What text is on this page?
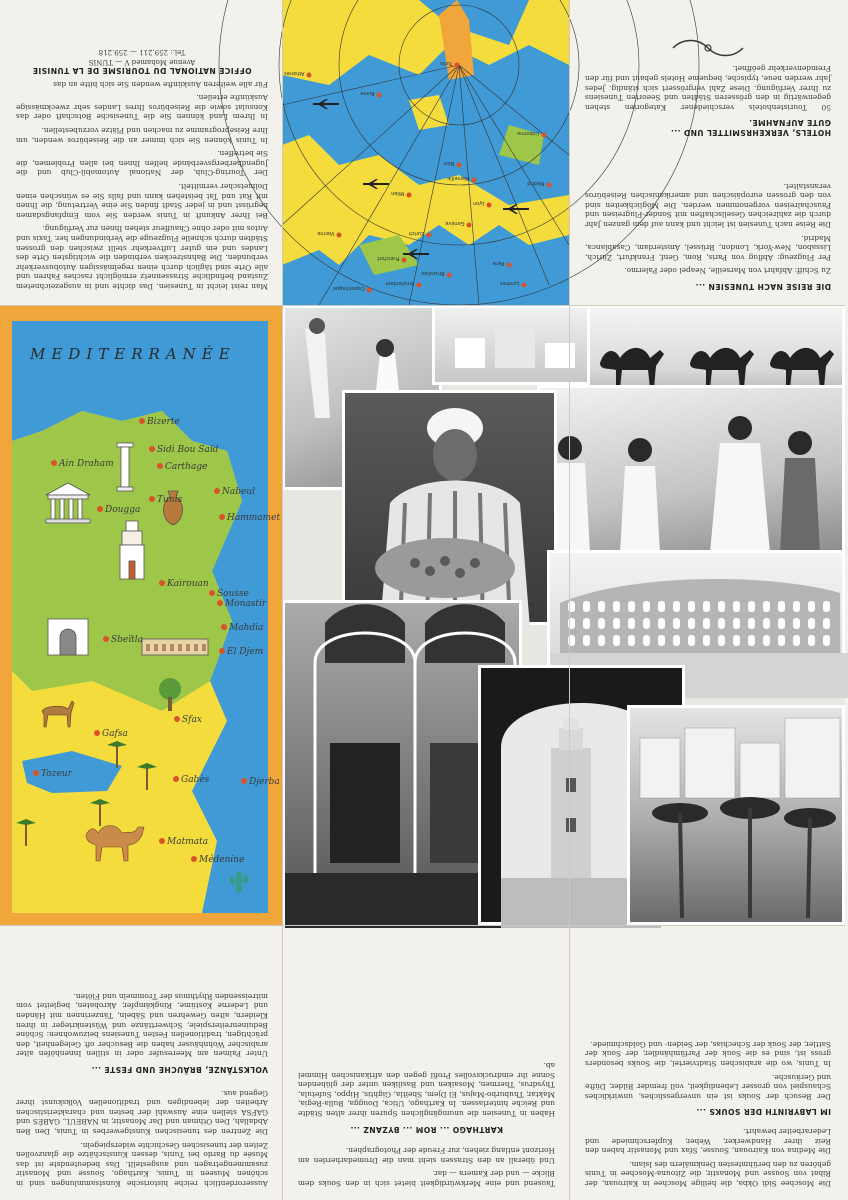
Man reist leicht in Tunesien. Das dichte und in ausgezeichnetem Zustand befindliche Strassennetz ermöglicht rasches Fahren und alle Orte sind täglich durch einen regelmässigen Autobusverkehr verbunden. Die Bahnstrecken verbinden die wichtigsten Orte des Landes und ein guter Luftverkehr stellt zwischen den grossen Städten durch schnelle Flugzeuge die Verbindungen her. Taxis und Autos mit oder ohne Chauffeur stehen Ihnen zur Verfügung.

Bei Ihrer Ankunft in Tunis werden Sie vom Empfangsdamen begrüsst und in jeder Stadt finden Sie eine Vertretung, die Ihnen mit Rat und Tat beistehen kann und falls Sie es wünschen einen Dolmetscher vermittelt.

Der Touring-Club, der National Automobil-Club und die Jugendherbergsverbände helfen Ihnen bei allen Problemen, die Sie betreffen.

In Tunis können Sie sich immer an die Reisebüros wenden, um Ihre Reiseprogramme zu machen und Plätze vorzubestellen.

In Ihrem Land können Sie die Tunesische Botschaft oder das Konsulat sowie die Reisebüros Ihres Landes sehr zweckmässige Auskünfte erteilen.

Für alle weiteren Auskünfte wenden Sie sich bitte an das

OFFICE NATIONAL DU TOURISME DE LA TUNISIE
Avenue Mohamed V — TUNIS
Tel.: 259.211 — 259.218
Tunis
Rome
Paris
Madrid
Lisbonne
Genève
Marseille
Bruxelles
Amsterdam	Londres
Copenhague
Francfort
Zurich
Vienne
Athènes
Nice
Lyon
Milan
DIE REISE NACH TUNESIEN ...

Zu Schiff: Abfahrt von Marseille, Neapel oder Palermo.

Per Flugzeug: Abflug von Paris, Rom, Genf, Frankfurt, Zürich, Lissabon, New-York, London, Brüssel, Amsterdam, Casablanca, Madrid.

Die Reise nach Tunesien ist leicht und kann auf dem ganzen Jahr durch die zahlreichen Gesellschaften mit Sonder-Flugreisen und Pauschalreisen vorgenommen werden. Die Möglichkeiten sind von den grossen europäischen und amerikanischen Reisebüros veranstaltet.

HOTELS, VERKEHRSMITTEL UND ...
GUTE AUFNAHME.

50 Touristenhotels verschiedener Kategorien stehen gegenwärtig in den grösseren Städten und Seeorten Tunesiens zu Ihrer Verfügung. Diese Zahl vergrössert sich ständig. Jedes Jahr werden neue, typische, bequeme Hotels gebaut und für den Fremdenverkehr geöffnet.

MEDITERRANÉE
Bizerte
Ain Draham	Carthage
Sidi Bou Saïd
Tunis
Dougga
Nabeul
Hammamet
Kairouan
Sousse
Monastir
Sbeïtla
Mahdia
El Djem
Sfax
Gafsa
Tozeur
Gabès
Matmata
Médenine
Djerba

Ausserordentlich reiche historische Kunstsammlungen sind in schönen Museen in Tunis, Karthago, Sousse und Monastir zusammengetragen und ausgestellt. Das bedeutendste ist das Musée du Bardo bei Tunis, dessen Kunstschätze die glanzvollen Zeiten der tunesischen Geschichte widerspiegeln.

Die Zentren des tunesischen Kunstgewerbes in Tunis, Den Ben Abdallah, Den Othman und Dar Monastir, in NABEUL, GABÈS und GAFSA stellen eine Auswahl der besten und charakteristischen Arbeiten der lebendigen und traditionellen Volkskunst ihrer Gegend aus.

VOLKSTÄNZE, BRÄUCHE UND FESTE ...

Unter Palmen am Meeresufer oder in stillen Innenhöfen alter arabischer Wohnhäuser haben die Besucher oft Gelegenheit, den prächtigen, traditionellen Festen Tunesiens beizuwohnen: Schöne Beduinenreiterspiele, Schwerttänze und Wüstenkrieger in ihren Kleidern, alten Gewehren und Säbeln, Tänzerinnen mit Händen und Lederne Kostüme, Ringkämpfer, Akrobaten, begleitet vom mitreissenden Rhythmus der Trommeln und Flöten.

Tausend und eine Merkwürdigkeit bietet sich in den Souks dem Blicke — und der Kamera — dar.

Und überall an den Strassen sieht man die Dromedarherden am Horizont entlang ziehen, zur Freude der Photographen.

KARTHAGO ... ROM ... BYZANZ ...

Haben in Tunesien die unumgänglichen Spuren ihrer alten Städte und Reiche hinterlassen. In Karthago, Utica, Dougga, Bulla-Regia, Maktar, Thuburbo-Majus, El Djem, Sbeïtla, Gightis, Hippo, Sufetula, Thysdrus, Thermen, Mosaiken und Basiliken unter der glühenden Sonne ihr eindrucksvolles Profil gegen den afrikanischen Himmel ab.

Die Moschee Sidi Okba, die heilige Moschee in Kairouan, der Ribat von Sousse und Monastir, die Zitouna-Moschee in Tunis gehören zu den berühmtesten Denkmälern des Islam.

Die Medina von Kairouan, Sousse, Sfax und Monastir haben den Reiz ihrer Handwerker, Weber, Kupferschmiede und Lederarbeiter bewahrt.

IM LABYRINTH DER SOUKS ...

Der Besuch der Souks ist ein unvergessliches, unwirkliches Schauspiel von grosser Lebendigkeit, voll fremder Bilder, Düfte und Geräusche.

In Tunis, wo die arabischen Stadtviertel, die Souks besonders gross ist, sind es die Souk der Parfümhändler, der Souk der Sattler, der Souk der Schechias, der Seiden- und Goldschmiede.
